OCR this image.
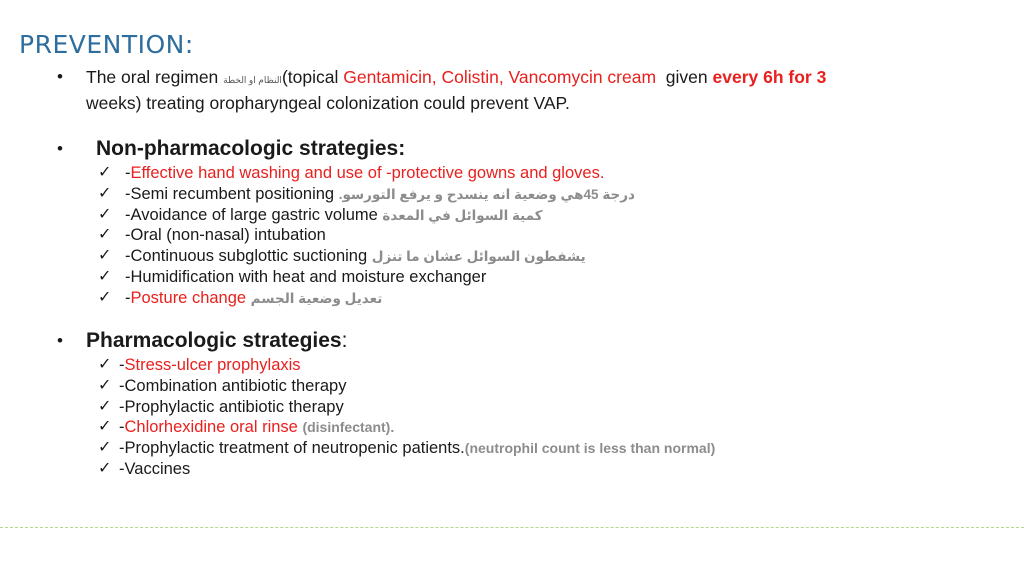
PREVENTION:
• The oral regimen النظام او الخطة(topical Gentamicin, Colistin, Vancomycin cream  given every 6h for 3
weeks) treating oropharyngeal colonization could prevent VAP.
• Non-pharmacologic strategies:
✓ -Effective hand washing and use of -protective gowns and gloves.
✓ -Semi recumbent positioning درجة 45هي وضعية انه ينسدح و يرفع التورسو.
✓ -Avoidance of large gastric volume كمية السوائل في المعدة
✓ -Oral (non-nasal) intubation
✓ -Continuous subglottic suctioning يشفطون السوائل عشان ما تنزل
✓ -Humidification with heat and moisture exchanger
✓ -Posture change تعديل وضعية الجسم
• Pharmacologic strategies:
✓ -Stress-ulcer prophylaxis
✓ -Combination antibiotic therapy
✓ -Prophylactic antibiotic therapy
✓ -Chlorhexidine oral rinse (disinfectant).
✓ -Prophylactic treatment of neutropenic patients.(neutrophil count is less than normal)
✓ -Vaccines
